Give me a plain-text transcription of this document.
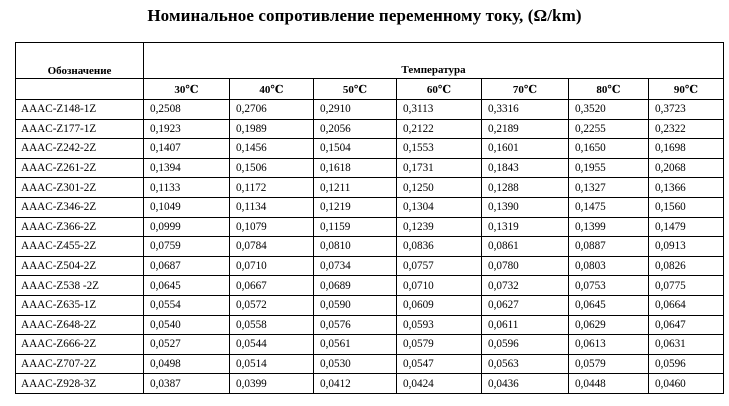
Номинальное сопротивление переменному току, (Ω/km)
Обозначение	Температура						
	30℃	40℃	50℃	60℃	70℃	80℃	90℃
AAAC-Z148-1Z	0,2508	0,2706	0,2910	0,3113	0,3316	0,3520	0,3723
AAAC-Z177-1Z	0,1923	0,1989	0,2056	0,2122	0,2189	0,2255	0,2322
AAAC-Z242-2Z	0,1407	0,1456	0,1504	0,1553	0,1601	0,1650	0,1698
AAAC-Z261-2Z	0,1394	0,1506	0,1618	0,1731	0,1843	0,1955	0,2068
AAAC-Z301-2Z	0,1133	0,1172	0,1211	0,1250	0,1288	0,1327	0,1366
AAAC-Z346-2Z	0,1049	0,1134	0,1219	0,1304	0,1390	0,1475	0,1560
AAAC-Z366-2Z	0,0999	0,1079	0,1159	0,1239	0,1319	0,1399	0,1479
AAAC-Z455-2Z	0,0759	0,0784	0,0810	0,0836	0,0861	0,0887	0,0913
AAAC-Z504-2Z	0,0687	0,0710	0,0734	0,0757	0,0780	0,0803	0,0826
AAAC-Z538 -2Z	0,0645	0,0667	0,0689	0,0710	0,0732	0,0753	0,0775
AAAC-Z635-1Z	0,0554	0,0572	0,0590	0,0609	0,0627	0,0645	0,0664
AAAC-Z648-2Z	0,0540	0,0558	0,0576	0,0593	0,0611	0,0629	0,0647
AAAC-Z666-2Z	0,0527	0,0544	0,0561	0,0579	0,0596	0,0613	0,0631
AAAC-Z707-2Z	0,0498	0,0514	0,0530	0,0547	0,0563	0,0579	0,0596
AAAC-Z928-3Z	0,0387	0,0399	0,0412	0,0424	0,0436	0,0448	0,0460
